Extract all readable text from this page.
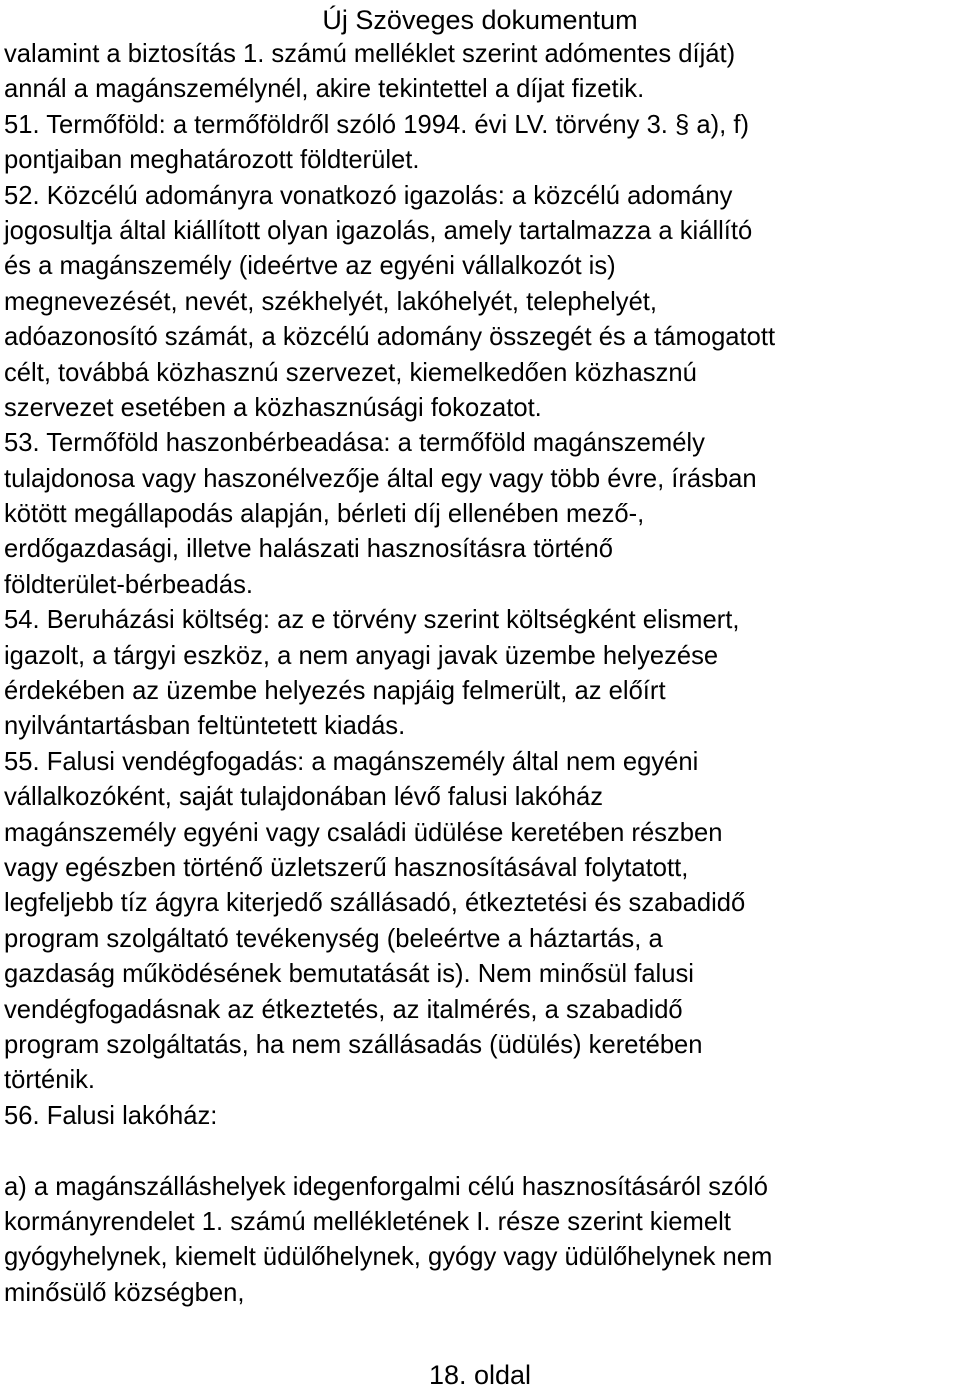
Új Szöveges dokumentum
valamint a biztosítás 1. számú melléklet szerint adómentes díját)
annál a magánszemélynél, akire tekintettel a díjat fizetik.
51. Termőföld: a termőföldről szóló 1994. évi LV. törvény 3. § a), f)
pontjaiban meghatározott földterület.
52. Közcélú adományra vonatkozó igazolás: a közcélú adomány
jogosultja által kiállított olyan igazolás, amely tartalmazza a kiállító
és a magánszemély (ideértve az egyéni vállalkozót is)
megnevezését, nevét, székhelyét, lakóhelyét, telephelyét,
adóazonosító számát, a közcélú adomány összegét és a támogatott
célt, továbbá közhasznú szervezet, kiemelkedően közhasznú
szervezet esetében a közhasznúsági fokozatot.
53. Termőföld haszonbérbeadása: a termőföld magánszemély
tulajdonosa vagy haszonélvezője által egy vagy több évre, írásban
kötött megállapodás alapján, bérleti díj ellenében mező-,
erdőgazdasági, illetve halászati hasznosításra történő
földterület-bérbeadás.
54. Beruházási költség: az e törvény szerint költségként elismert,
igazolt, a tárgyi eszköz, a nem anyagi javak üzembe helyezése
érdekében az üzembe helyezés napjáig felmerült, az előírt
nyilvántartásban feltüntetett kiadás.
55. Falusi vendégfogadás: a magánszemély által nem egyéni
vállalkozóként, saját tulajdonában lévő falusi lakóház
magánszemély egyéni vagy családi üdülése keretében részben
vagy egészben történő üzletszerű hasznosításával folytatott,
legfeljebb tíz ágyra kiterjedő szállásadó, étkeztetési és szabadidő
program szolgáltató tevékenység (beleértve a háztartás, a
gazdaság működésének bemutatását is). Nem minősül falusi
vendégfogadásnak az étkeztetés, az italmérés, a szabadidő
program szolgáltatás, ha nem szállásadás (üdülés) keretében
történik.
56. Falusi lakóház:
a) a magánszálláshelyek idegenforgalmi célú hasznosításáról szóló
kormányrendelet 1. számú mellékletének I. része szerint kiemelt
gyógyhelynek, kiemelt üdülőhelynek, gyógy vagy üdülőhelynek nem
minősülő községben,
18. oldal
